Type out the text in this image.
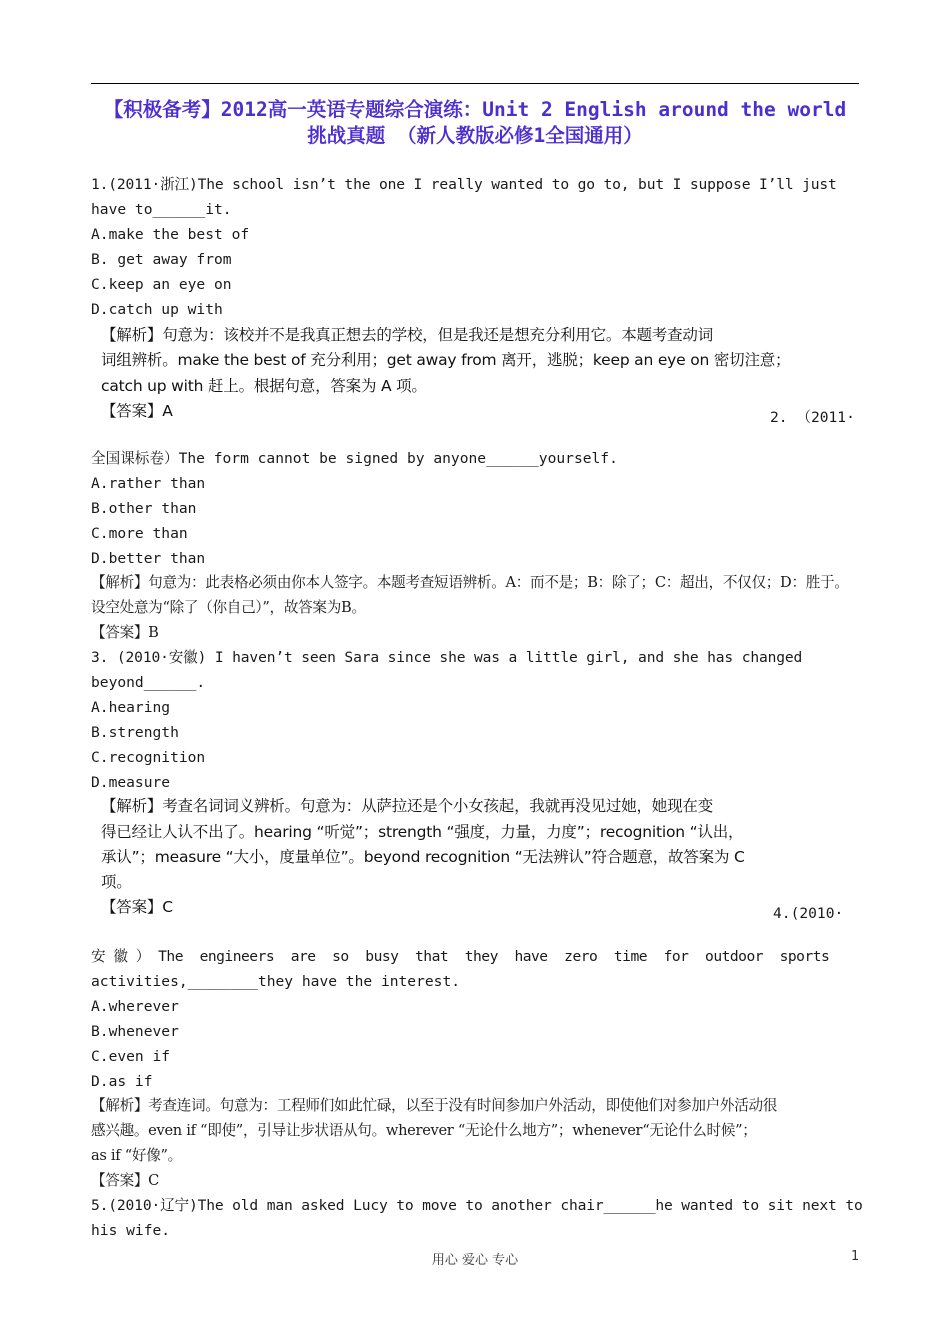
【积极备考】2012高一英语专题综合演练：Unit 2 English around the world
挑战真题 （新人教版必修1全国通用）
1.(2011·浙江)The school isn’t the one I really wanted to go to, but I suppose I’ll just
have to______it.
A.make the best of
B. get away from
C.keep an eye on
D.catch up with
【解析】句意为：该校并不是我真正想去的学校，但是我还是想充分利用它。本题考查动词
词组辨析。make the best of 充分利用；get away from 离开，逃脱；keep an eye on 密切注意；
catch up with 赶上。根据句意，答案为 A 项。
【答案】A	2. （2011·
全国课标卷）The form cannot be signed by anyone______yourself.
A.rather than
B.other than
C.more than
D.better than
【解析】句意为：此表格必须由你本人签字。本题考查短语辨析。A：而不是；B：除了；C：超出，不仅仅；D：胜于。
设空处意为“除了（你自己）”，故答案为B。
【答案】B
3. (2010·安徽) I haven’t seen Sara since she was a little girl, and she has changed
beyond______.
A.hearing
B.strength
C.recognition
D.measure
【解析】考查名词词义辨析。句意为：从萨拉还是个小女孩起，我就再没见过她，她现在变
得已经让人认不出了。hearing “听觉”；strength “强度，力量，力度”；recognition “认出，
承认”；measure “大小，度量单位”。beyond recognition “无法辨认”符合题意，故答案为 C
项。
【答案】C	4.(2010·
安 徽 ） The  engineers  are  so  busy  that  they  have  zero  time  for  outdoor  sports
activities,________they have the interest.
A.wherever
B.whenever
C.even if
D.as if
【解析】考查连词。句意为：工程师们如此忙碌，以至于没有时间参加户外活动，即使他们对参加户外活动很
感兴趣。even if “即使”，引导让步状语从句。wherever “无论什么地方”；whenever“无论什么时候”；
as if “好像”。
【答案】C
5.(2010·辽宁)The old man asked Lucy to move to another chair______he wanted to sit next to
his wife.
用心 爱心 专心	1
